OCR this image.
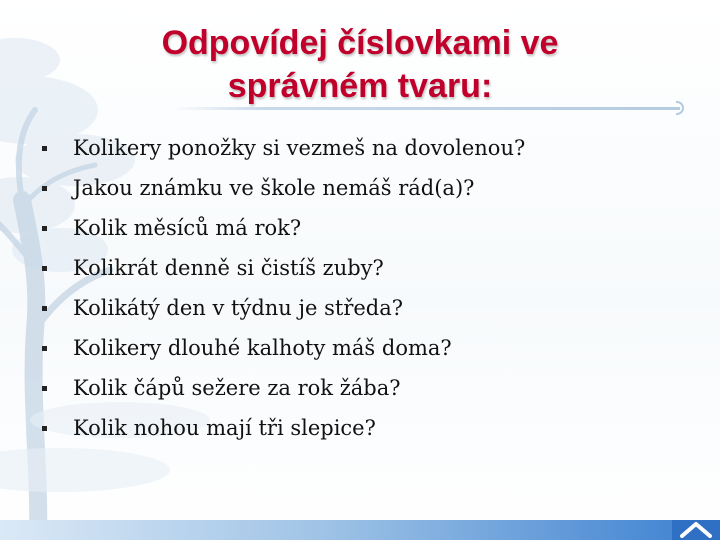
Odpovídej číslovkami ve
správném tvaru:
Kolikery ponožky si vezmeš na dovolenou?
Jakou známku ve škole nemáš rád(a)?
Kolik měsíců má rok?
Kolikrát denně si čistíš zuby?
Kolikátý den v týdnu je středa?
Kolikery dlouhé kalhoty máš doma?
Kolik čápů sežere za rok žába?
Kolik nohou mají tři slepice?
